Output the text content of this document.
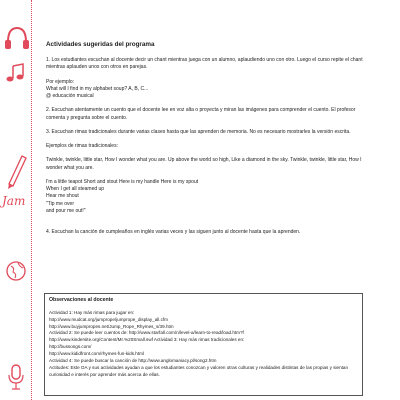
Jam
Actividades sugeridas del programa

1. Los estudiantes escuchan al docente decir un chant mientras juega con un alumno, aplaudiendo uno con otro. Luego el curso repite el chant mientras aplauden unos con otros en parejas.

Por ejemplo:

What will I find in my alphabet soup? A, B, C...

@ educación musical

2. Escuchan atentamente un cuento que el docente lee en voz alta o proyecta y miran las imágenes para comprender el cuento. El profesor comenta y pregunta sobre el cuento.

3. Escuchan rimas tradicionales durante varias clases hasta que las aprenden de memoria. No es necesario mostrarles la versión escrita.

Ejemplos de rimas tradicionales:

Twinkle, twinkle, little star, How I wonder what you are. Up above the world so high, Like a diamond in the sky. Twinkle, twinkle, little star, How I wonder what you are.

I'm a little teapot Short and stout Here is my handle Here is my spout
When I get all steamed up
Hear me shout
"Tip me over
and pour me out!"

4. Escuchan la canción de cumpleaños en inglés varias veces y las siguen junto al docente hasta que la aprenden.

Observaciones al docente
Actividad 1: Hay más rimas para jugar en:
http://www.mudcat.org/jumprope/jumprope_display_all.cfm
http://www.buyjumpropes.net/Jump_Rope_Rhymes_s/39.htm
Actividad 2: Se puede leer cuentos de: http://www.starfall.com/n/level-a/learn-to-read/load.htm?f
http://www.kindersite.org/Content/Mr.%20Small.swf Actividad 3: Hay más rimas tradicionales en:
http://bussongs.com/
http://www.kididfront.com/rhymes-fun-kids.html
Actividad 4: Se puede buscar la canción de http://www.anglomaniacy.pl/song2.htm
Actitudes: Este OA y sus actividades ayudan a que los estudiantes conozcan y valoren otras culturas y realidades distintas de las propias y sientan curiosidad e interés por aprender más acerca de ellas.
